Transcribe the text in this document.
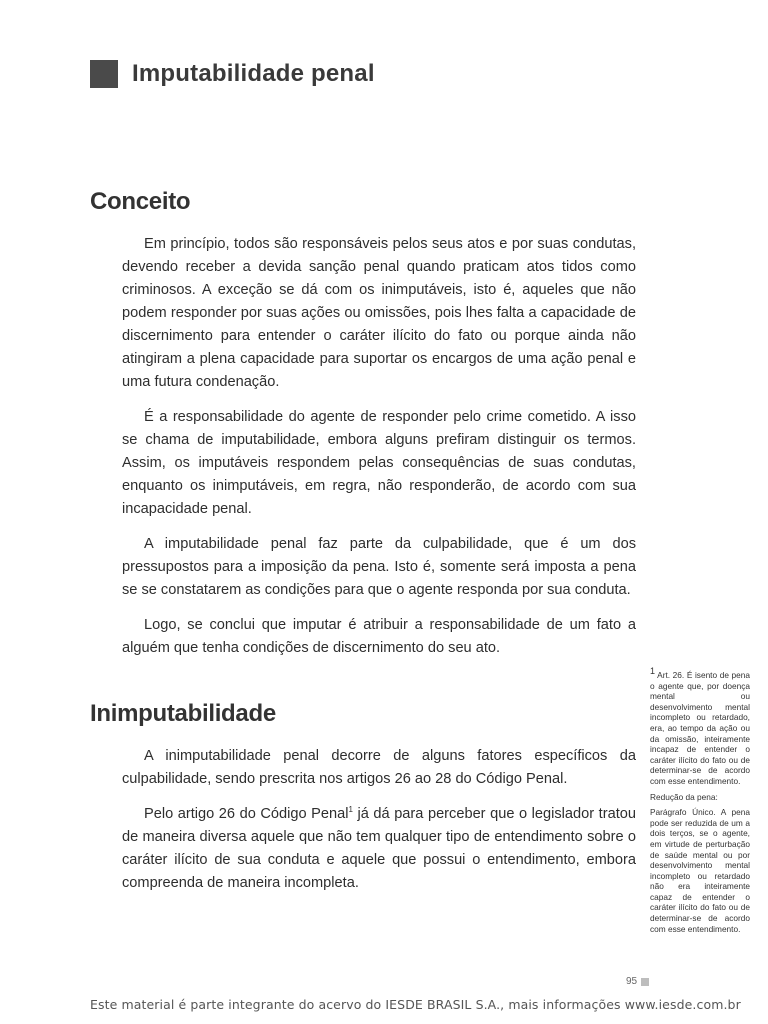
Imputabilidade penal
Conceito

Em princípio, todos são responsáveis pelos seus atos e por suas condutas, devendo receber a devida sanção penal quando praticam atos tidos como criminosos. A exceção se dá com os inimputáveis, isto é, aqueles que não podem responder por suas ações ou omissões, pois lhes falta a capacidade de discernimento para entender o caráter ilícito do fato ou porque ainda não atingiram a plena capacidade para suportar os encargos de uma ação penal e uma futura condenação.

É a responsabilidade do agente de responder pelo crime cometido. A isso se chama de imputabilidade, embora alguns prefiram distinguir os termos. Assim, os imputáveis respondem pelas consequências de suas condutas, enquanto os inimputáveis, em regra, não responderão, de acordo com sua incapacidade penal.

A imputabilidade penal faz parte da culpabilidade, que é um dos pressupostos para a imposição da pena. Isto é, somente será imposta a pena se se constatarem as condições para que o agente responda por sua conduta.

Logo, se conclui que imputar é atribuir a responsabilidade de um fato a alguém que tenha condições de discernimento do seu ato.

Inimputabilidade

A inimputabilidade penal decorre de alguns fatores específicos da culpabilidade, sendo prescrita nos artigos 26 ao 28 do Código Penal.

Pelo artigo 26 do Código Penal$^1$ já dá para perceber que o legislador tratou de maneira diversa aquele que não tem qualquer tipo de entendimento sobre o caráter ilícito de sua conduta e aquele que possui o entendimento, embora compreenda de maneira incompleta.

1 Art. 26. É isento de pena o agente que, por doença mental ou desenvolvimento mental incompleto ou retardado, era, ao tempo da ação ou da omissão, inteiramente incapaz de entender o caráter ilícito do fato ou de determinar-se de acordo com esse entendimento.

Redução da pena:

Parágrafo Único. A pena pode ser reduzida de um a dois terços, se o agente, em virtude de perturbação de saúde mental ou por desenvolvimento mental incompleto ou retardado não era inteiramente capaz de entender o caráter ilícito do fato ou de determinar-se de acordo com esse entendimento.

95
Este material é parte integrante do acervo do IESDE BRASIL S.A., mais informações www.iesde.com.br
